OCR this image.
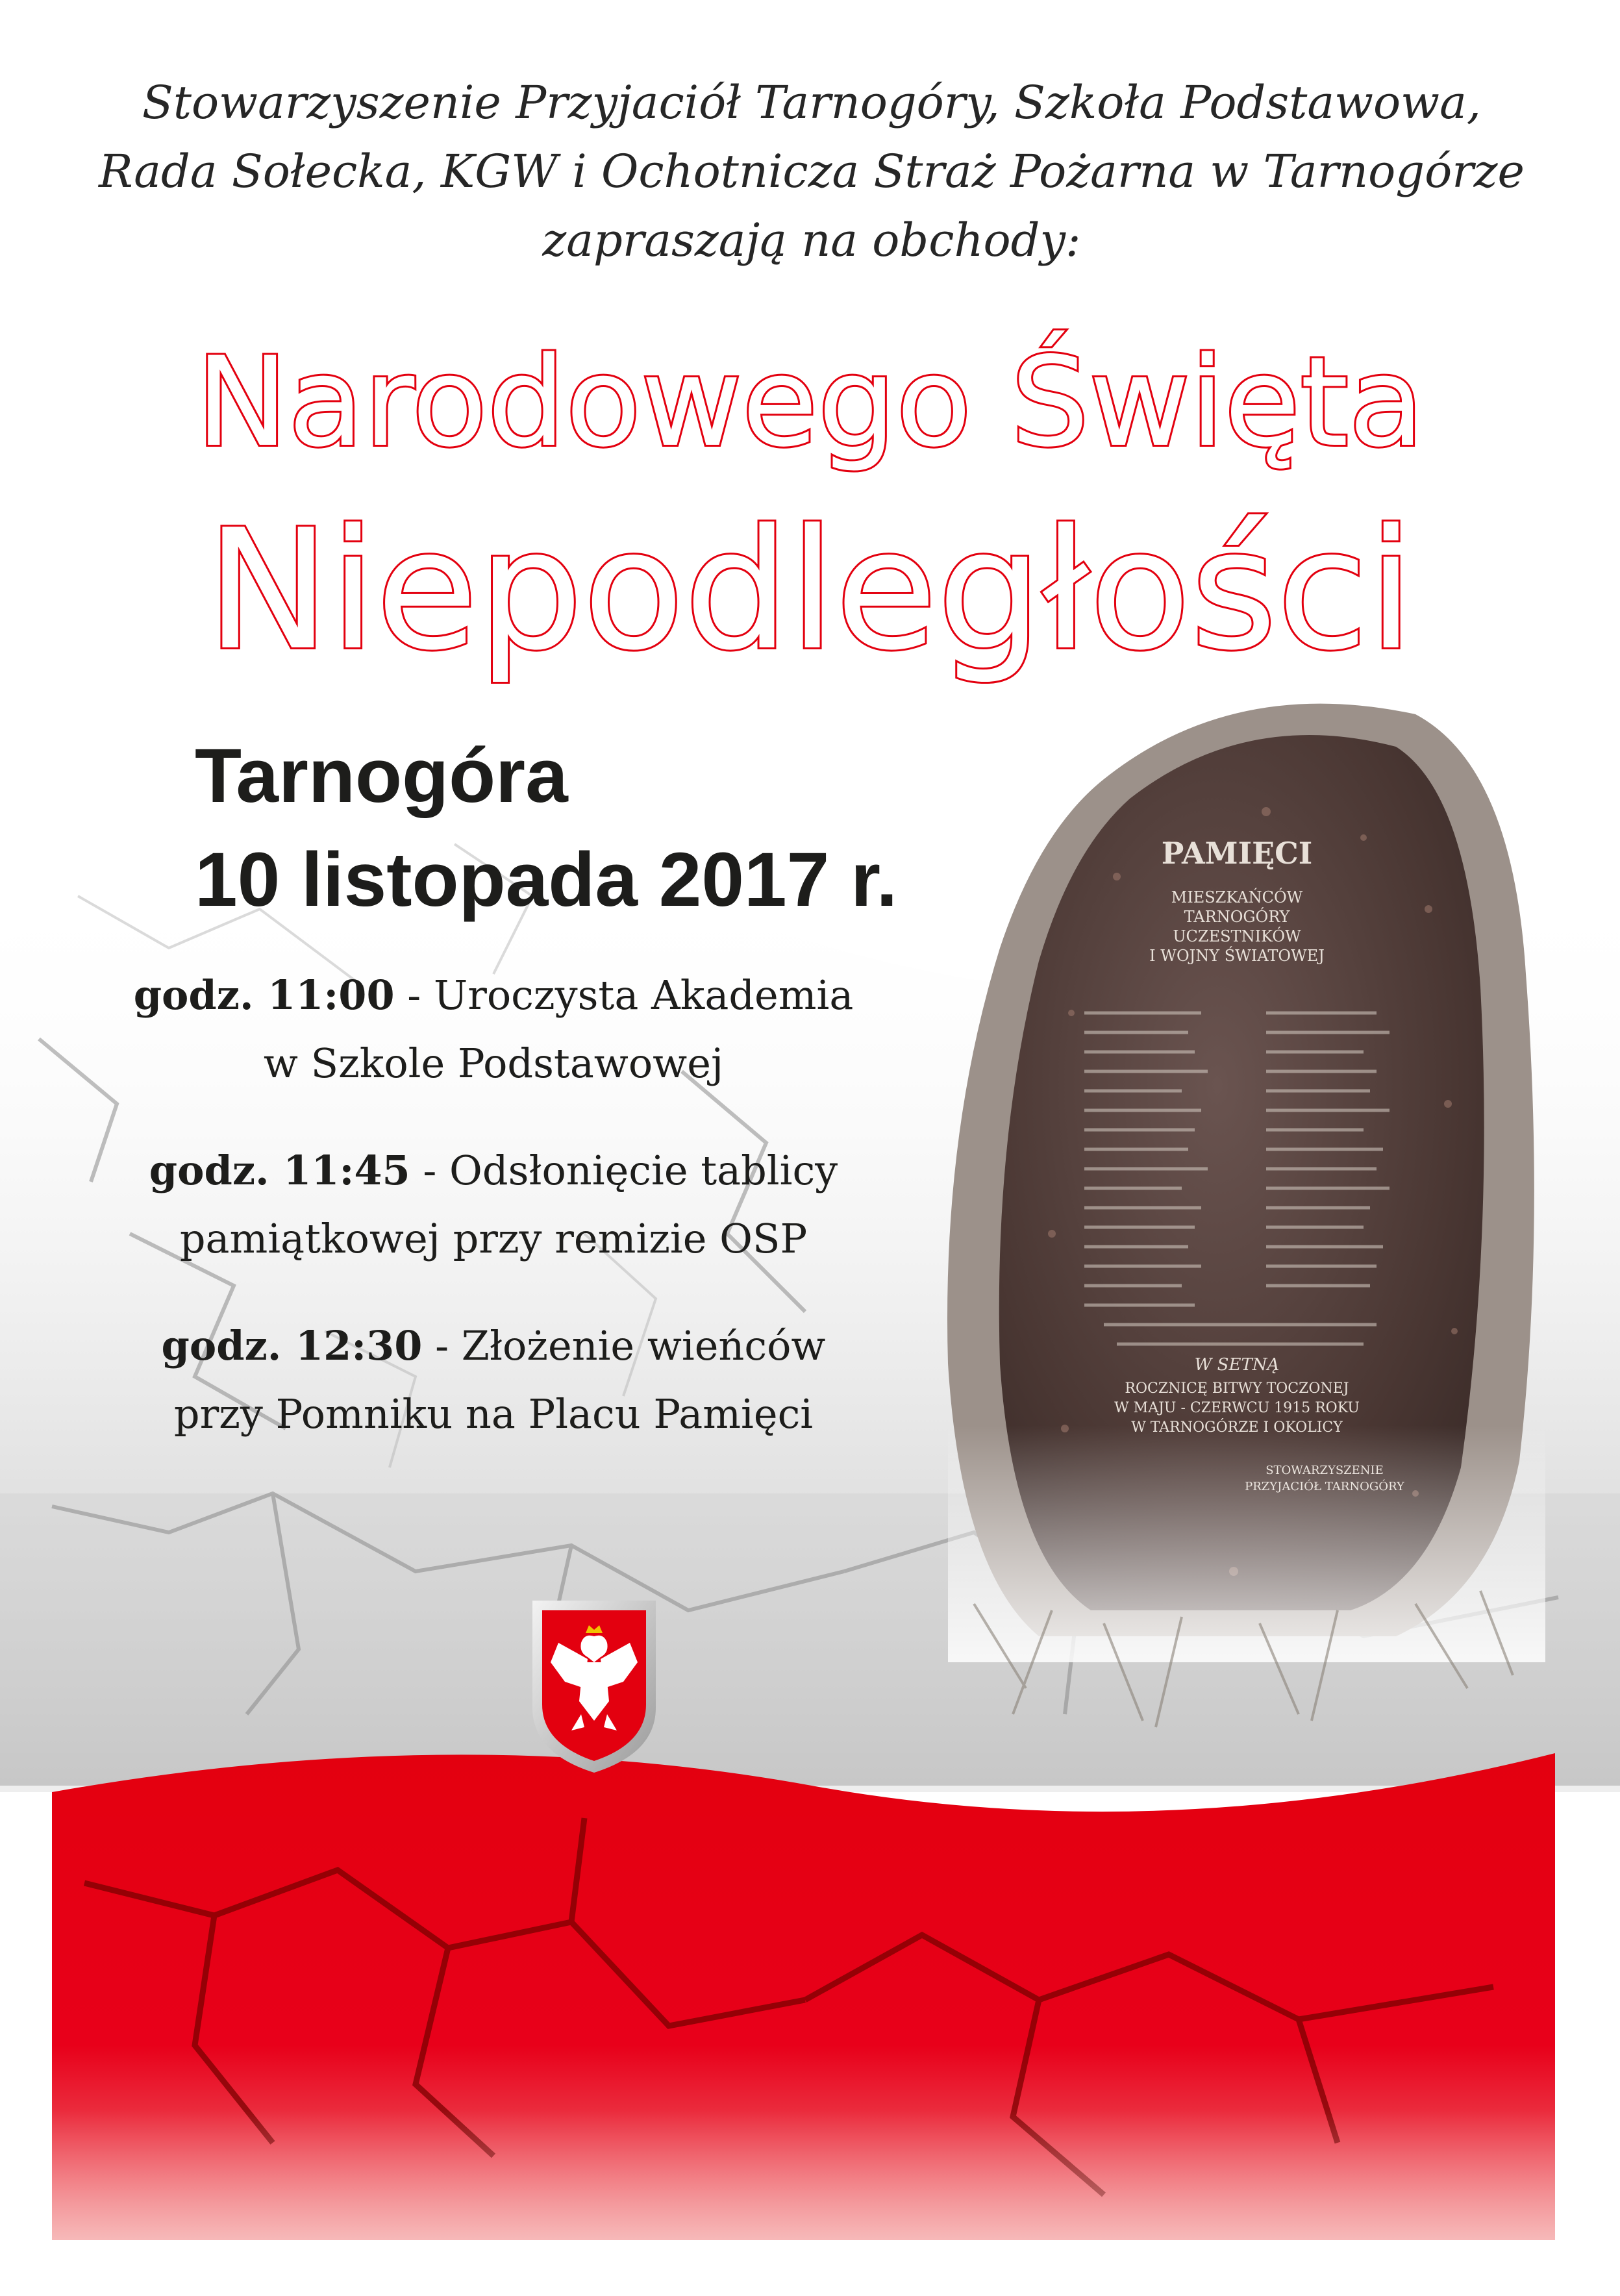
Stowarzyszenie Przyjaciół Tarnogóry, Szkoła Podstawowa,
Rada Sołecka, KGW i Ochotnicza Straż Pożarna w Tarnogórze
zapraszają na obchody:
Narodowego Święta
Niepodległości
Tarnogóra
10 listopada 2017 r.
godz. 11:00 - Uroczysta Akademia
w Szkole Podstawowej
godz. 11:45 - Odsłonięcie tablicy
pamiątkowej przy remizie OSP
godz. 12:30 - Złożenie wieńców
przy Pomniku na Placu Pamięci
